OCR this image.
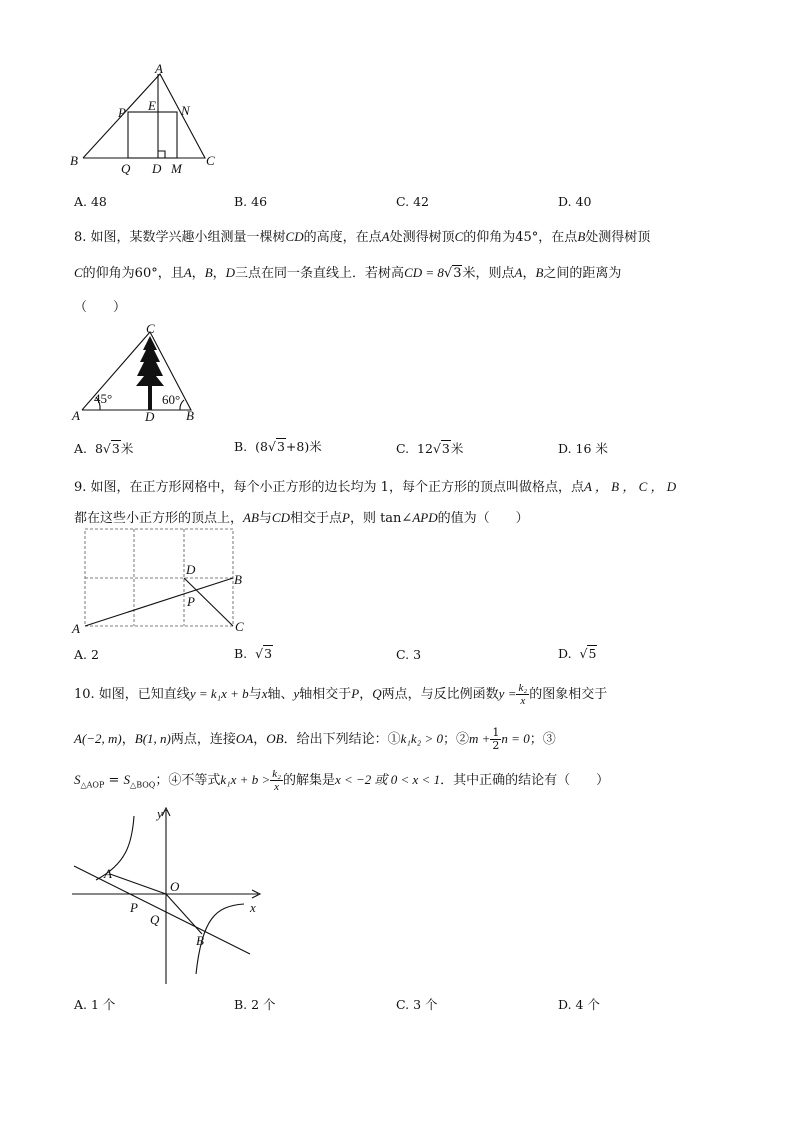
A
P E N
B
Q D M
C
A. 48	B. 46	C. 42	D. 40
8. 如图，某数学兴趣小组测量一棵树CD的高度，在点A处测得树顶C的仰角为45°，在点B处测得树顶
C的仰角为60°，且A，B，D三点在同一条直线上．若树高CD = 8√3米，则点A，B之间的距离为
（　　）
C
A	D B
45°	60°
A. 8√3米	B. (8√3+8)米	C. 12√3米	D. 16 米
9. 如图，在正方形网格中，每个小正方形的边长均为 1，每个正方形的顶点叫做格点，点A ， B ， C ， D
都在这些小正方形的顶点上，AB与CD相交于点P，则 tan∠APD的值为（　　）
A
B
C
D
P
A. 2	B. √3	C. 3	D. √5
10. 如图，已知直线y = k₁x + b与x轴、y轴相交于P，Q两点，与反比例函数$y = \frac{\text{k₂}}{x}$ 的图象相交于
A(−2, m)，B(1, n)两点，连接OA，OB．给出下列结论：①k₁k₂ > 0；②m + $\frac{1}{2}$ n = 0；③
$S_{\triangle AOP} = S_{\triangle BOQ}$；④不等式$k_1x + b > \frac{\text{k₂}}{x}$ 的解集是x < −2 或 0 < x < 1．其中正确的结论有（　　）
y
x
A
O
P
Q
B
A. 1 个	B. 2 个	C. 3 个	D. 4 个
